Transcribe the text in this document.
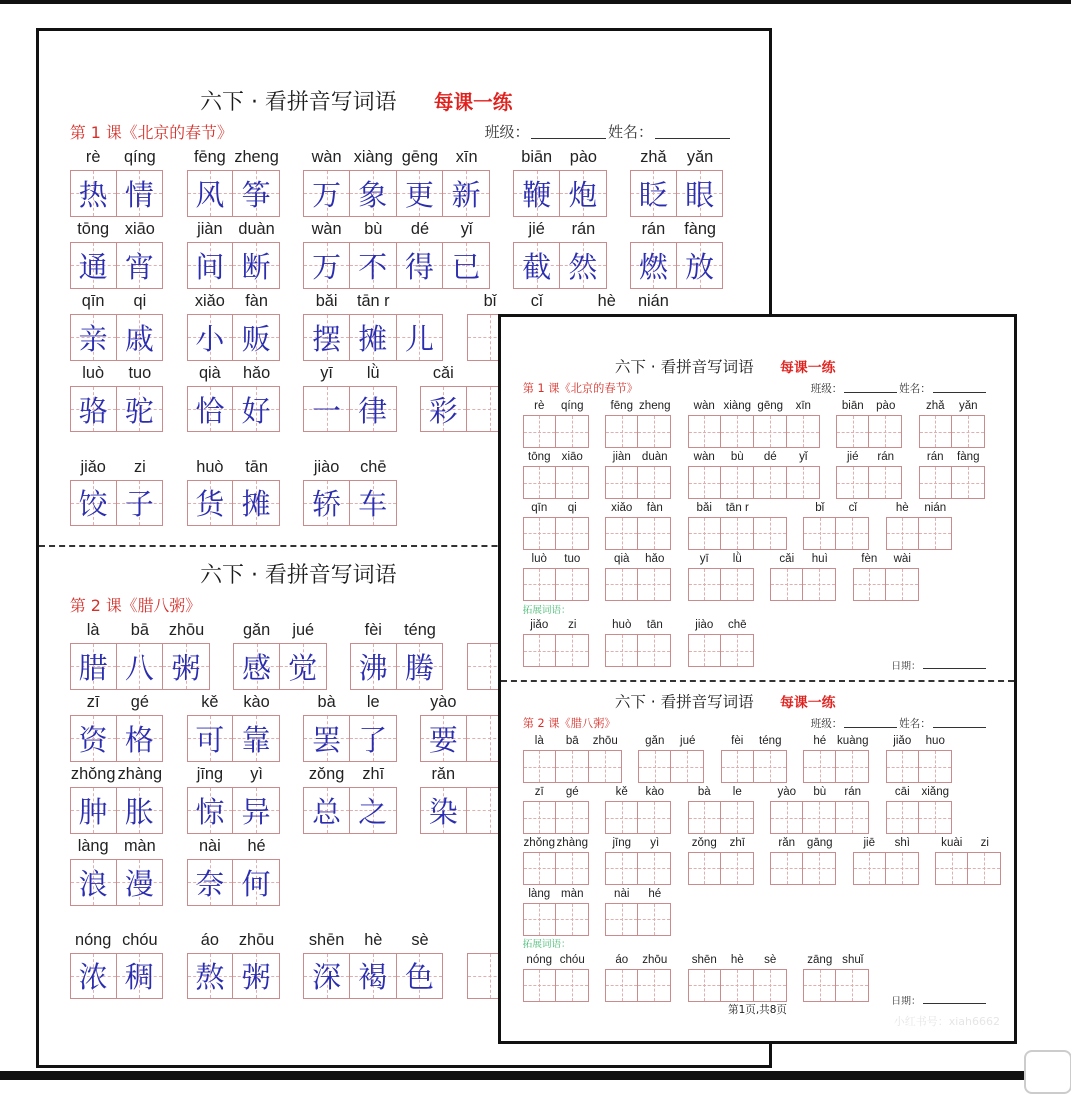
六下 · 看拼音写词语 每课一练
第 1 课《北京的春节》	班级：	姓名：
rè	qíng
热 情
fēng zheng
风 筝
wàn xiàng gēng	xīn
万 象 更 新
biān	pào
鞭 炮
zhǎ	yǎn
眨 眼
tōng xiāo
通 宵
jiàn duàn
间 断
wàn	bù	dé	yǐ
万 不 得 已
jié	rán
截 然
rán	fàng
燃 放
qīn	qi
亲 戚
xiǎo	fàn
小 贩
bǎi	tān r
摆 摊 儿
bǐ	cǐ	hè	nián
luò	tuo
骆 驼
qià	hǎo
恰 好
yī	lǜ
一 律
cǎi
彩
jiǎo	zi
饺 子
huò	tān
货 摊
jiào	chē
轿 车
六下 · 看拼音写词语
第 2 课《腊八粥》
là	bā	zhōu
腊 八 粥
gǎn	jué
感 觉
fèi	téng
沸 腾
zī	gé
资 格
kě	kào
可 靠
bà	le
罢 了
yào
要
zhǒng zhàng
肿 胀
jīng	yì
惊 异
zǒng	zhī
总 之
rǎn
染
làng màn
浪 漫
nài	hé
奈 何
nóng chóu
浓 稠
áo	zhōu
熬 粥
shēn	hè	sè
深 褐 色
六下 · 看拼音写词语 每课一练
第 1 课《北京的春节》	班级：	姓名：
rè	qíng	fēng zheng	wàn xiàng gēng	xīn	biān	pào	zhǎ	yǎn
tōng xiāo	jiàn duàn	wàn	bù	dé	yǐ	jié	rán	rán	fàng
qīn	qi	xiǎo	fàn	bǎi	tān r	bǐ	cǐ	hè	nián
luò	tuo	qià	hǎo	yī	lǜ	cǎi	huì	fèn	wài
拓展词语：
jiǎo	zi	huò	tān	jiào	chē
日期：
六下 · 看拼音写词语 每课一练
第 2 课《腊八粥》	班级：	姓名：
là	bā	zhōu	gǎn	jué	fèi	téng	hé kuàng	jiǎo	huo
zī	gé	kě	kào	bà	le	yào	bù	rán	cāi	xiǎng
zhǒng zhàng	jīng	yì	zǒng	zhī	rǎn	gāng	jiē	shì	kuài	zi
làng màn	nài	hé
拓展词语：
nóng chóu	áo	zhōu	shēn	hè	sè	zāng shuǐ
日期：
第1页,共8页
小红书号：xiah6662
